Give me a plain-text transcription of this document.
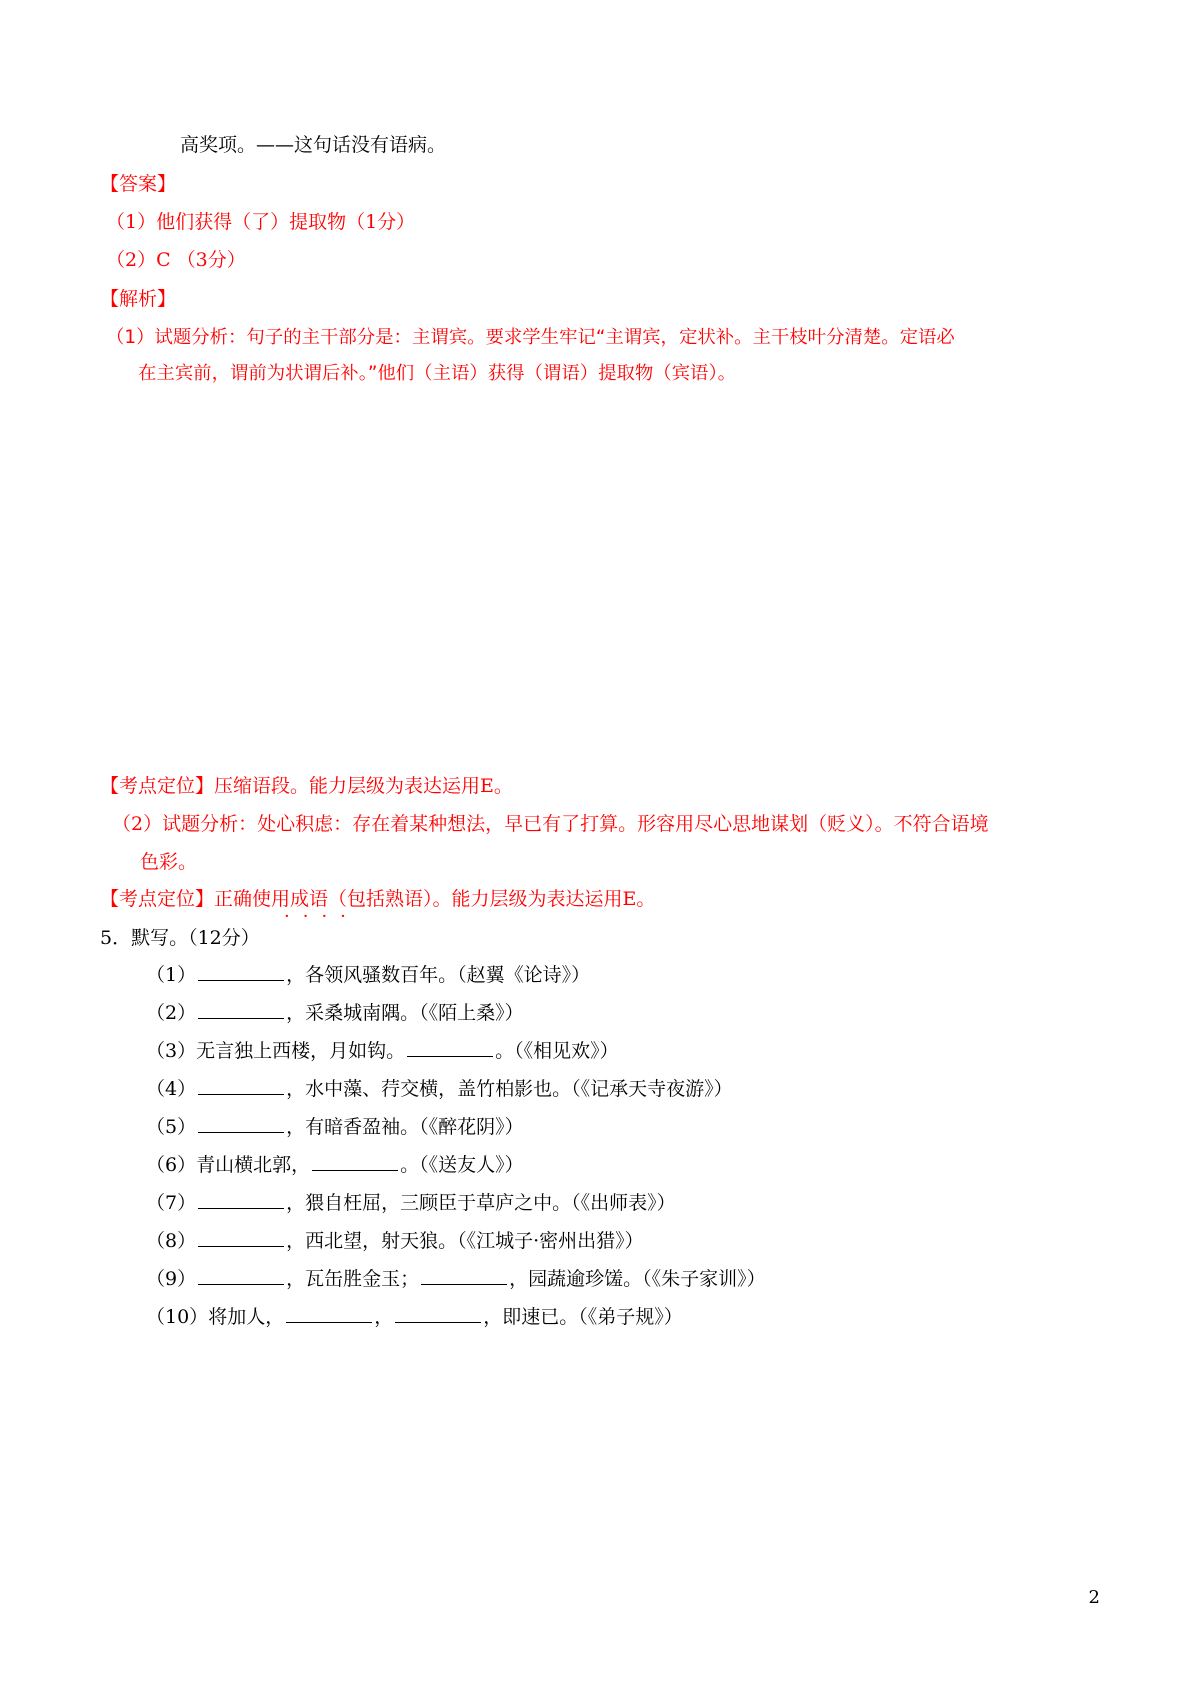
高奖项。——这句话没有语病。
【答案】
（1）他们获得（了）提取物（1分）
（2）C （3分）
【解析】
（1）试题分析：句子的主干部分是：主谓宾。要求学生牢记“主谓宾，定状补。主干枝叶分清楚。定语必
在主宾前，谓前为状谓后补。”他们（主语）获得（谓语）提取物（宾语）。
【考点定位】压缩语段。能力层级为表达运用E。
（2）试题分析：处心积虑：存在着某种想法，早已有了打算。形容用尽心思地谋划（贬义）。不符合语境
····
色彩。
【考点定位】正确使用成语（包括熟语）。能力层级为表达运用E。
5．默写。（12分）
（1）	，各领风骚数百年。（赵翼《论诗》）
（2）	，采桑城南隅。（《陌上桑》）
（3）无言独上西楼，月如钩。	。（《相见欢》）
（4）	，水中藻、荇交横，盖竹柏影也。（《记承天寺夜游》）
（5）	，有暗香盈袖。（《醉花阴》）
（6）青山横北郭，	。（《送友人》）
（7）	，猥自枉屈，三顾臣于草庐之中。（《出师表》）
（8）	，西北望，射天狼。（《江城子·密州出猎》）
（9）	，瓦缶胜金玉；	，园蔬逾珍馐。（《朱子家训》）
（10）将加人，	，	，即速已。（《弟子规》）
2
